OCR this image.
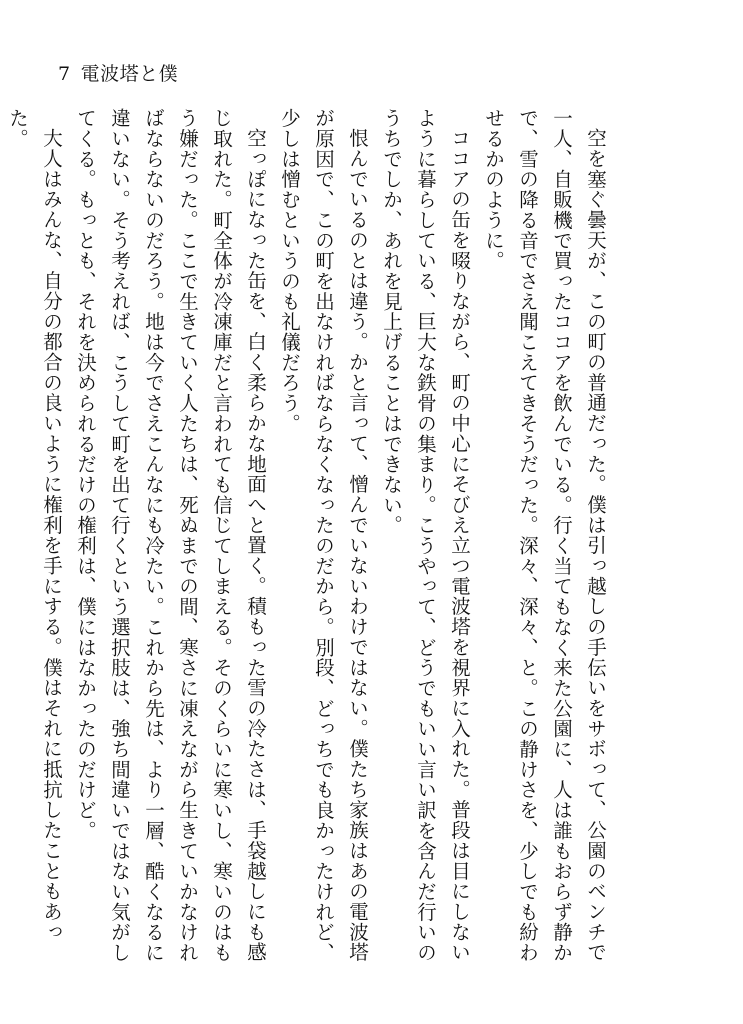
7 電波塔と僕

空を塞ぐ曇天が、この町の普通だった。僕は引っ越しの手伝いをサボって、公園のベンチで一人、自販機で買ったココアを飲んでいる。行く当てもなく来た公園に、人は誰もおらず静かで、雪の降る音でさえ聞こえてきそうだった。深々、深々、と。この静けさを、少しでも紛わせるかのように。

ココアの缶を啜りながら、町の中心にそびえ立つ電波塔を視界に入れた。普段は目にしないように暮らしている、巨大な鉄骨の集まり。こうやって、どうでもいい言い訳を含んだ行いのうちでしか、あれを見上げることはできない。

恨んでいるのとは違う。かと言って、憎んでいないわけではない。僕たち家族はあの電波塔が原因で、この町を出なければならなくなったのだから。別段、どっちでも良かったけれど、少しは憎むというのも礼儀だろう。

空っぽになった缶を、白く柔らかな地面へと置く。積もった雪の冷たさは、手袋越しにも感じ取れた。町全体が冷凍庫だと言われても信じてしまえる。そのくらいに寒いし、寒いのはもう嫌だった。ここで生きていく人たちは、死ぬまでの間、寒さに凍えながら生きていかなければならないのだろう。地は今でさえこんなにも冷たい。これから先は、より一層、酷くなるに違いない。そう考えれば、こうして町を出て行くという選択肢は、強ち間違いではない気がしてくる。もっとも、それを決められるだけの権利は、僕にはなかったのだけど。

大人はみんな、自分の都合の良いように権利を手にする。僕はそれに抵抗したこともあった。
